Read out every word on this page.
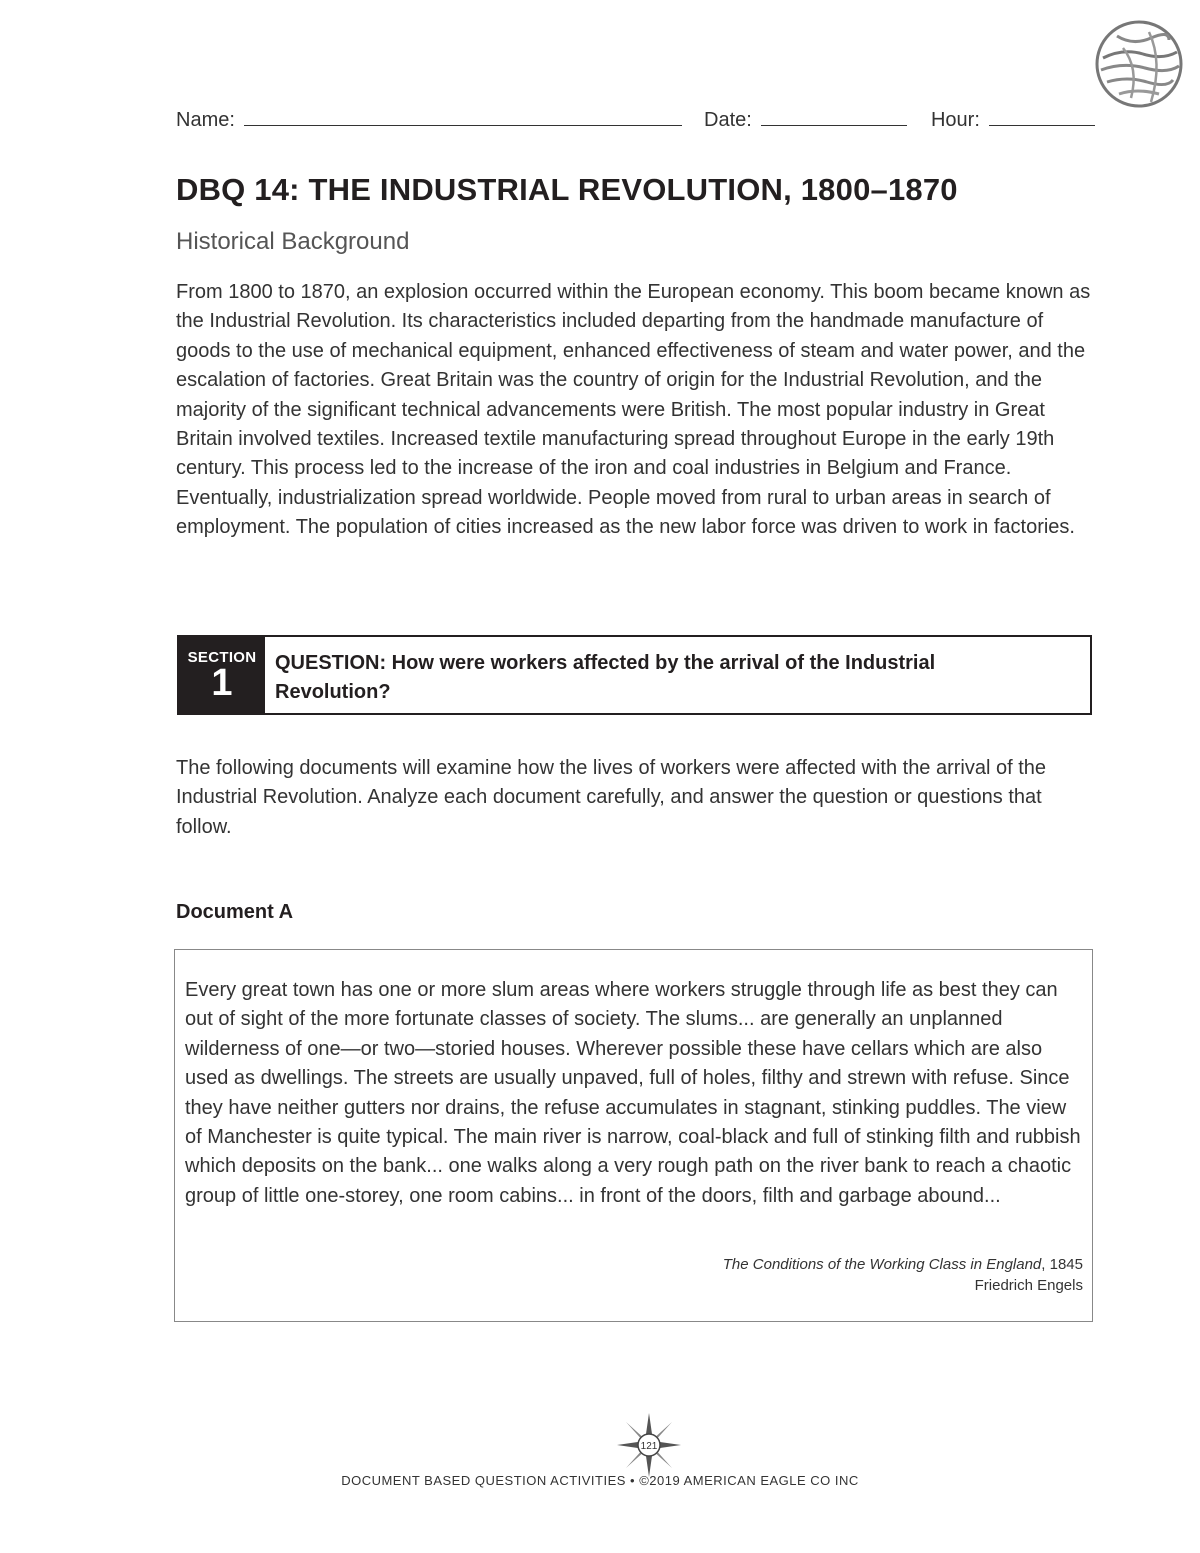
Name:	Date:	Hour:
DBQ 14: THE INDUSTRIAL REVOLUTION, 1800–1870
Historical Background
From 1800 to 1870, an explosion occurred within the European economy. This boom became known as the Industrial Revolution. Its characteristics included departing from the handmade manufacture of goods to the use of mechanical equipment, enhanced effectiveness of steam and water power, and the escalation of factories. Great Britain was the country of origin for the Industrial Revolution, and the majority of the significant technical advancements were British. The most popular industry in Great Britain involved textiles. Increased textile manufacturing spread throughout Europe in the early 19th century. This process led to the increase of the iron and coal industries in Belgium and France. Eventually, industrialization spread worldwide. People moved from rural to urban areas in search of employment. The population of cities increased as the new labor force was driven to work in factories.
SECTION
1	QUESTION: How were workers affected by the arrival of the Industrial Revolution?
The following documents will examine how the lives of workers were affected with the arrival of the Industrial Revolution. Analyze each document carefully, and answer the question or questions that follow.
Document A
Every great town has one or more slum areas where workers struggle through life as best they can out of sight of the more fortunate classes of society. The slums... are generally an unplanned wilderness of one—or two—storied houses. Wherever possible these have cellars which are also used as dwellings. The streets are usually unpaved, full of holes, filthy and strewn with refuse. Since they have neither gutters nor drains, the refuse accumulates in stagnant, stinking puddles. The view of Manchester is quite typical. The main river is narrow, coal-black and full of stinking filth and rubbish which deposits on the bank... one walks along a very rough path on the river bank to reach a chaotic group of little one-storey, one room cabins... in front of the doors, filth and garbage abound...
The Conditions of the Working Class in England, 1845
Friedrich Engels
121
DOCUMENT BASED QUESTION ACTIVITIES • ©2019 AMERICAN EAGLE CO INC
